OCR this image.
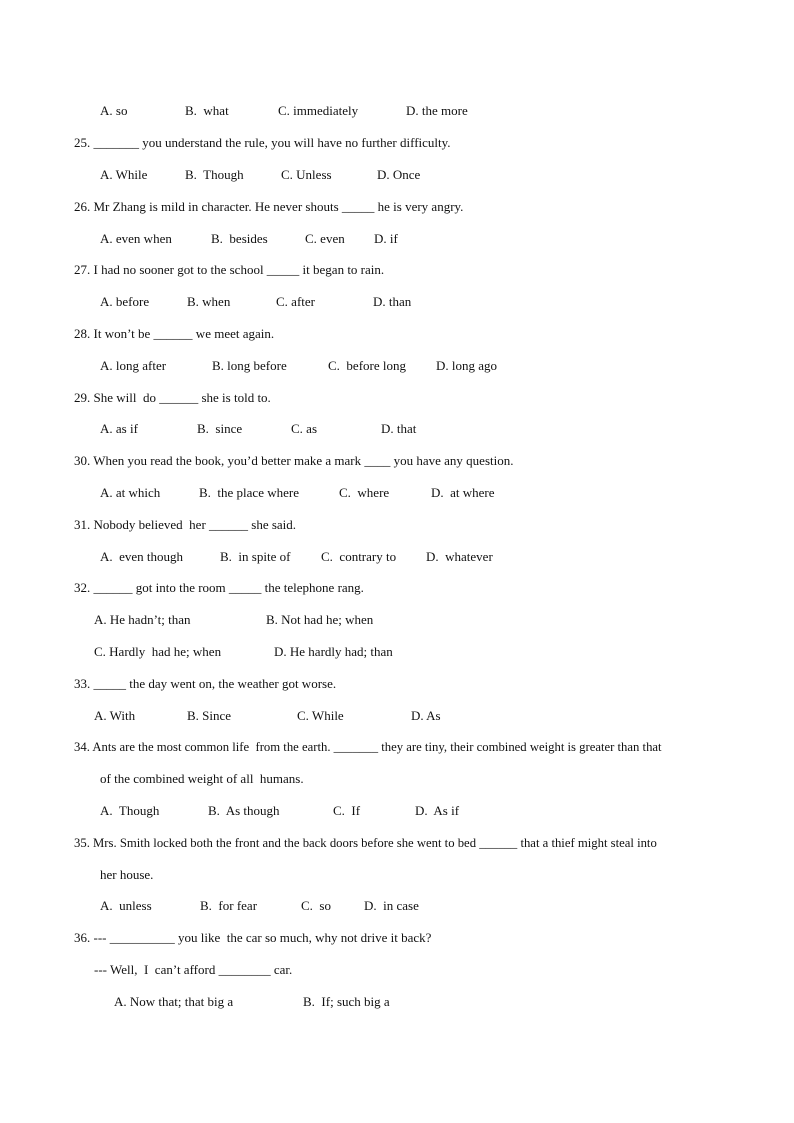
A. so	B.  what	C. immediately	D. the more
25. _______ you understand the rule, you will have no further difficulty.
A. While	B.  Though	C. Unless	D. Once
26. Mr Zhang is mild in character. He never shouts _____ he is very angry.
A. even when	B.  besides	C. even D. if
27. I had no sooner got to the school _____ it began to rain.
A. before	B. when	C. after	D. than
28. It won’t be ______ we meet again.
A. long after	B. long before	C.  before long D. long ago
29. She will  do ______ she is told to.
A. as if	B.  since	C. as	D. that
30. When you read the book, you’d better make a mark ____ you have any question.
A. at which	B.  the place where	C.  where	D.  at where
31. Nobody believed  her ______ she said.
A.  even though	B.  in spite of C.  contrary to D.  whatever
32. ______ got into the room _____ the telephone rang.
A. He hadn’t; than	B. Not had he; when
C. Hardly  had he; when	D. He hardly had; than
33. _____ the day went on, the weather got worse.
A. With	B. Since	C. While	D. As
34. Ants are the most common life  from the earth. _______ they are tiny, their combined weight is greater than that
of the combined weight of all  humans.
A.  Though	B.  As though	C.  If	D.  As if
35. Mrs. Smith locked both the front and the back doors before she went to bed ______ that a thief might steal into
her house.
A.  unless	B.  for fear	C.  so	D.  in case
36. --- __________ you like  the car so much, why not drive it back?
--- Well,  I  can’t afford ________ car.
A. Now that; that big a	B.  If; such big a
